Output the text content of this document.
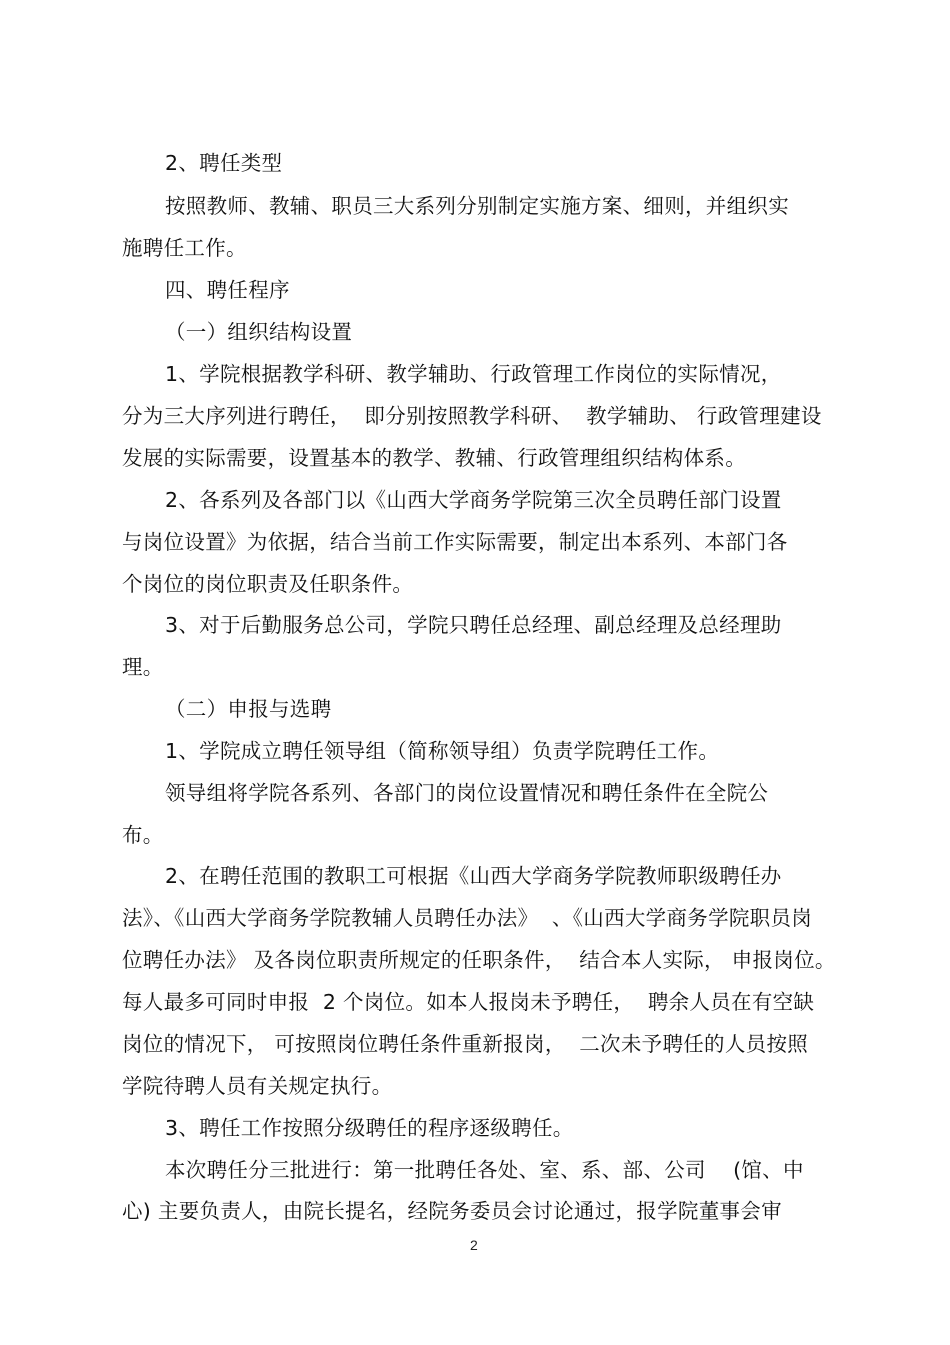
2、聘任类型
按照教师、教辅、职员三大系列分别制定实施方案、细则，并组织实
施聘任工作。
四、聘任程序
（一）组织结构设置
1、学院根据教学科研、教学辅助、行政管理工作岗位的实际情况，
分为三大序列进行聘任，  即分别按照教学科研、  教学辅助、 行政管理建设
发展的实际需要，设置基本的教学、教辅、行政管理组织结构体系。
2、各系列及各部门以《山西大学商务学院第三次全员聘任部门设置
与岗位设置》为依据，结合当前工作实际需要，制定出本系列、本部门各
个岗位的岗位职责及任职条件。
3、对于后勤服务总公司，学院只聘任总经理、副总经理及总经理助
理。
（二）申报与选聘
1、学院成立聘任领导组（简称领导组）负责学院聘任工作。
领导组将学院各系列、各部门的岗位设置情况和聘任条件在全院公
布。
2、在聘任范围的教职工可根据《山西大学商务学院教师职级聘任办
法》、《山西大学商务学院教辅人员聘任办法》  、《山西大学商务学院职员岗
位聘任办法》 及各岗位职责所规定的任职条件，  结合本人实际， 申报岗位。
每人最多可同时申报  2 个岗位。如本人报岗未予聘任，  聘余人员在有空缺
岗位的情况下， 可按照岗位聘任条件重新报岗，  二次未予聘任的人员按照
学院待聘人员有关规定执行。
3、聘任工作按照分级聘任的程序逐级聘任。
本次聘任分三批进行：第一批聘任各处、室、系、部、公司    (馆、中
心) 主要负责人，由院长提名，经院务委员会讨论通过，报学院董事会审
2
